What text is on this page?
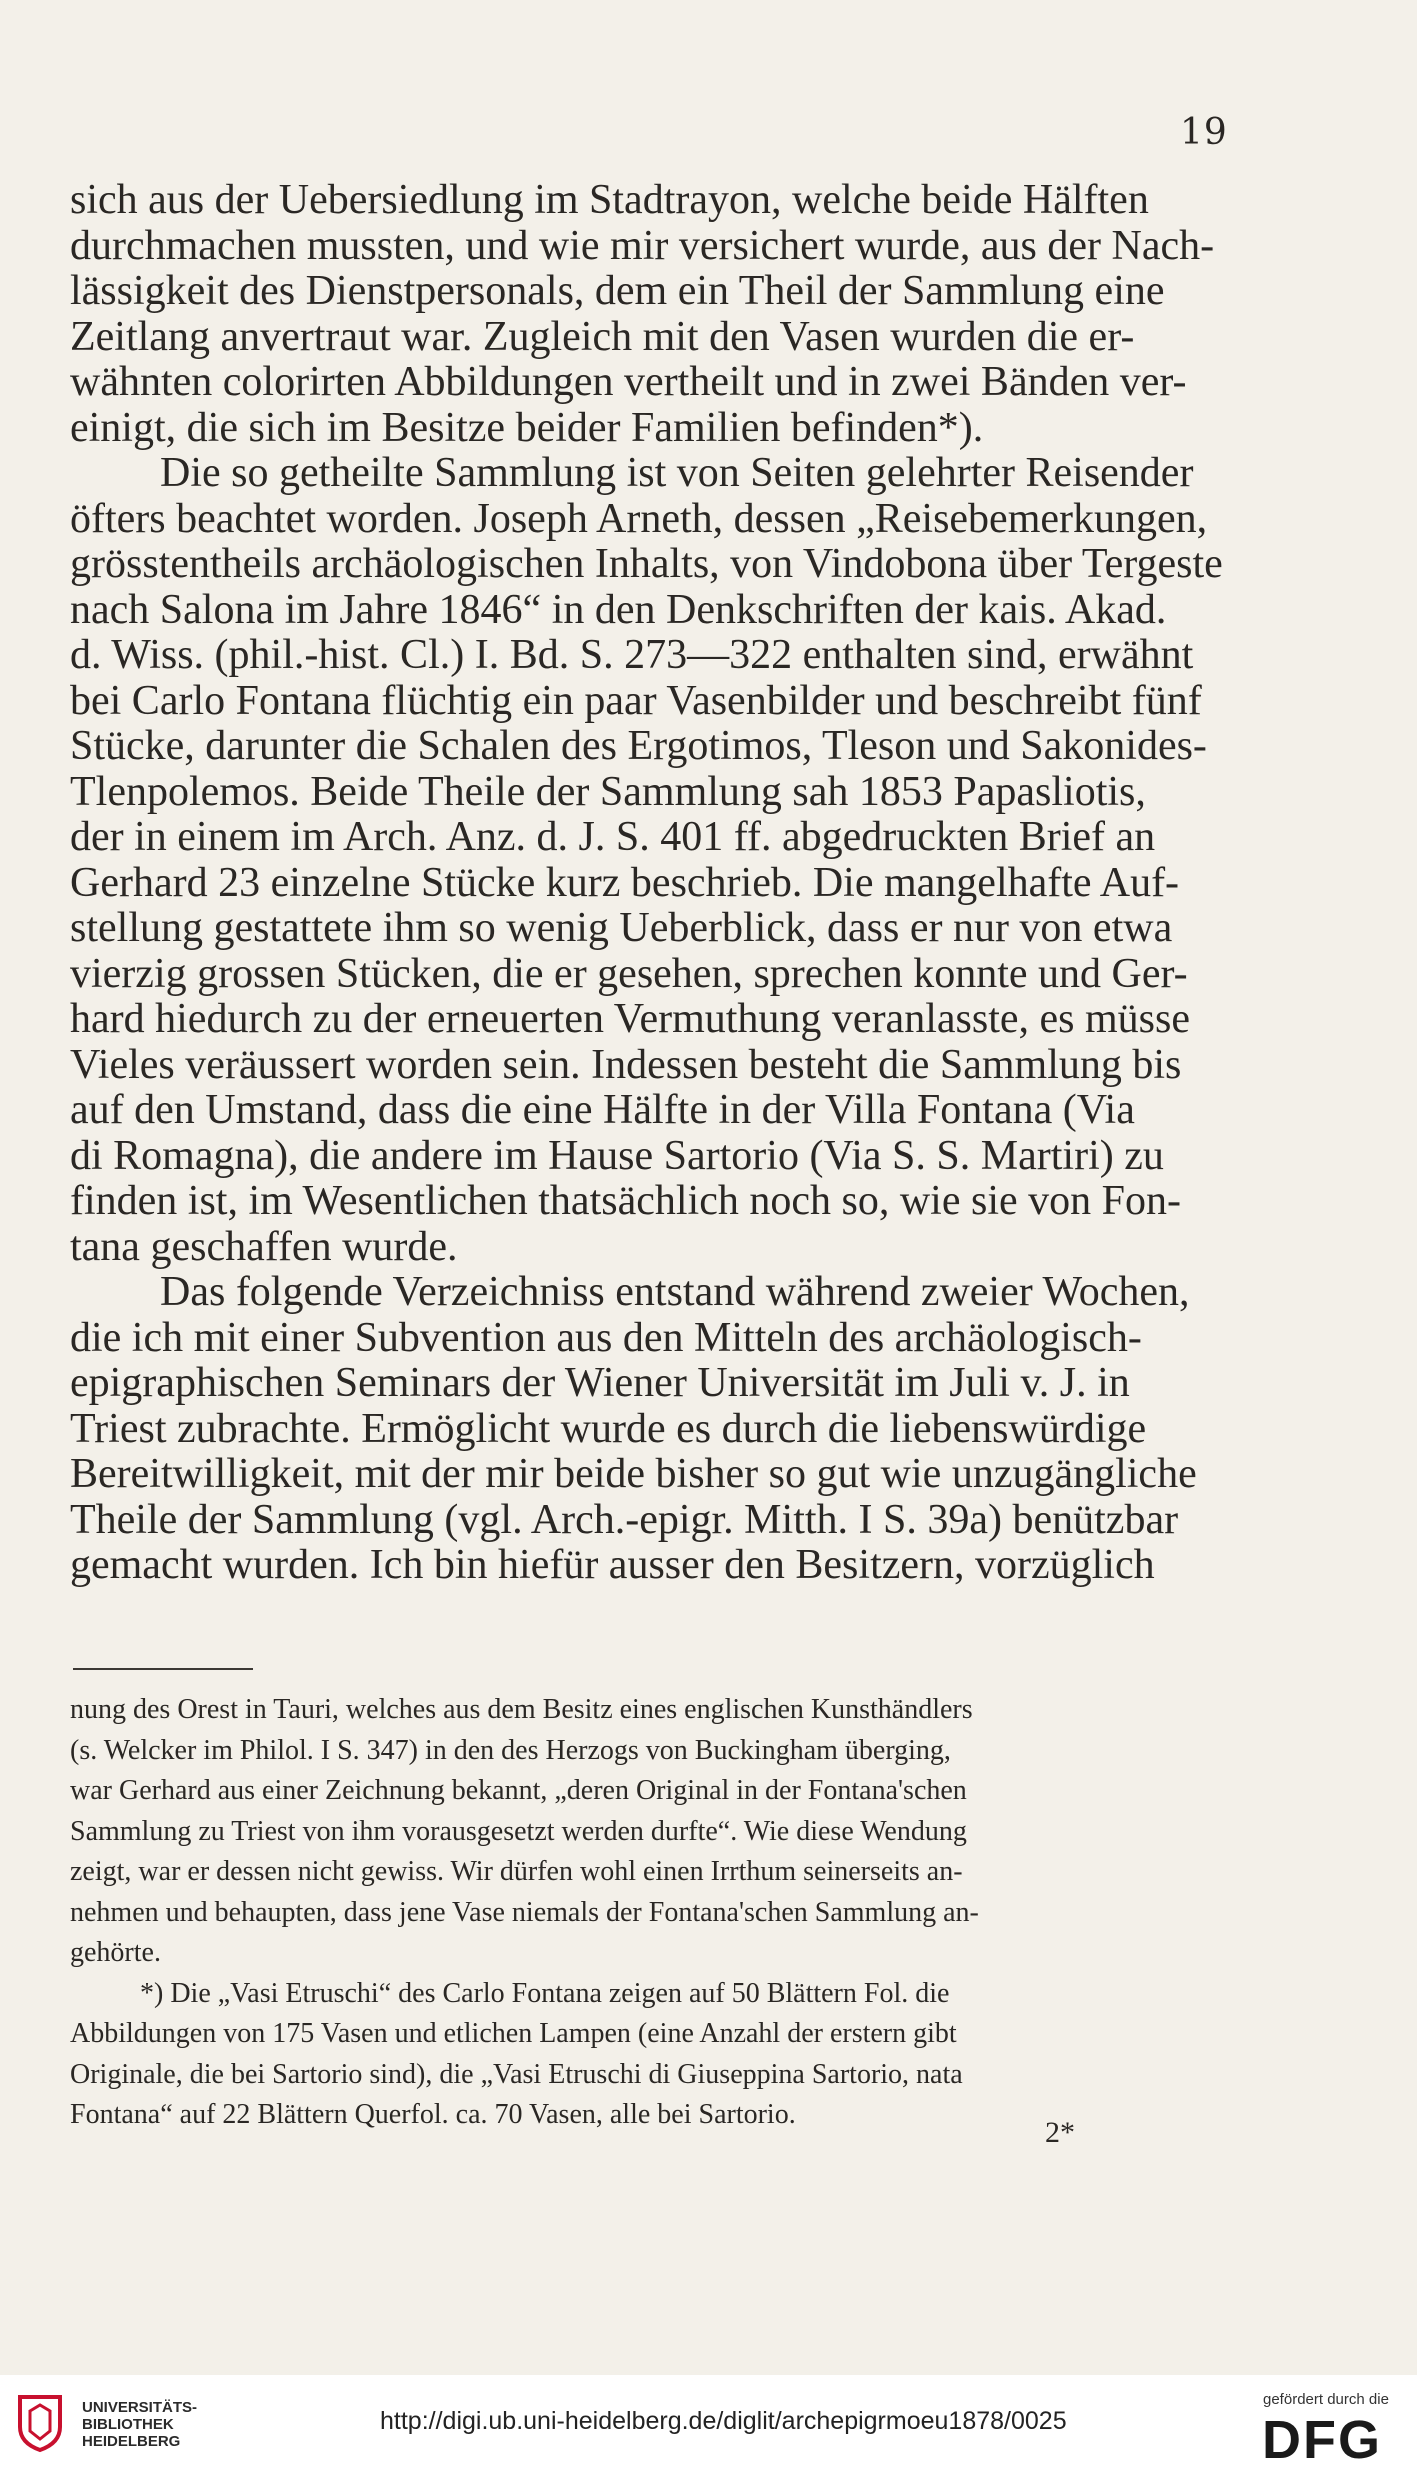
19
sich aus der Uebersiedlung im Stadtrayon, welche beide Hälften
durchmachen mussten, und wie mir versichert wurde, aus der Nach-
lässigkeit des Dienstpersonals, dem ein Theil der Sammlung eine
Zeitlang anvertraut war. Zugleich mit den Vasen wurden die er-
wähnten colorirten Abbildungen vertheilt und in zwei Bänden ver-
einigt, die sich im Besitze beider Familien befinden*).
Die so getheilte Sammlung ist von Seiten gelehrter Reisender
öfters beachtet worden. Joseph Arneth, dessen „Reisebemerkungen,
grösstentheils archäologischen Inhalts, von Vindobona über Tergeste
nach Salona im Jahre 1846“ in den Denkschriften der kais. Akad.
d. Wiss. (phil.-hist. Cl.) I. Bd. S. 273—322 enthalten sind, erwähnt
bei Carlo Fontana flüchtig ein paar Vasenbilder und beschreibt fünf
Stücke, darunter die Schalen des Ergotimos, Tleson und Sakonides-
Tlenpolemos. Beide Theile der Sammlung sah 1853 Papasliotis,
der in einem im Arch. Anz. d. J. S. 401 ff. abgedruckten Brief an
Gerhard 23 einzelne Stücke kurz beschrieb. Die mangelhafte Auf-
stellung gestattete ihm so wenig Ueberblick, dass er nur von etwa
vierzig grossen Stücken, die er gesehen, sprechen konnte und Ger-
hard hiedurch zu der erneuerten Vermuthung veranlasste, es müsse
Vieles veräussert worden sein. Indessen besteht die Sammlung bis
auf den Umstand, dass die eine Hälfte in der Villa Fontana (Via
di Romagna), die andere im Hause Sartorio (Via S. S. Martiri) zu
finden ist, im Wesentlichen thatsächlich noch so, wie sie von Fon-
tana geschaffen wurde.
Das folgende Verzeichniss entstand während zweier Wochen,
die ich mit einer Subvention aus den Mitteln des archäologisch-
epigraphischen Seminars der Wiener Universität im Juli v. J. in
Triest zubrachte. Ermöglicht wurde es durch die liebenswürdige
Bereitwilligkeit, mit der mir beide bisher so gut wie unzugängliche
Theile der Sammlung (vgl. Arch.-epigr. Mitth. I S. 39a) benützbar
gemacht wurden. Ich bin hiefür ausser den Besitzern, vorzüglich
nung des Orest in Tauri, welches aus dem Besitz eines englischen Kunsthändlers
(s. Welcker im Philol. I S. 347) in den des Herzogs von Buckingham überging,
war Gerhard aus einer Zeichnung bekannt, „deren Original in der Fontana'schen
Sammlung zu Triest von ihm vorausgesetzt werden durfte“. Wie diese Wendung
zeigt, war er dessen nicht gewiss. Wir dürfen wohl einen Irrthum seinerseits an-
nehmen und behaupten, dass jene Vase niemals der Fontana'schen Sammlung an-
gehörte.
*) Die „Vasi Etruschi“ des Carlo Fontana zeigen auf 50 Blättern Fol. die
Abbildungen von 175 Vasen und etlichen Lampen (eine Anzahl der erstern gibt
Originale, die bei Sartorio sind), die „Vasi Etruschi di Giuseppina Sartorio, nata
Fontana“ auf 22 Blättern Querfol. ca. 70 Vasen, alle bei Sartorio.
2*
UNIVERSITÄTS-
BIBLIOTHEK
HEIDELBERG
http://digi.ub.uni-heidelberg.de/diglit/archepigrmoeu1878/0025
gefördert durch die
DFG
